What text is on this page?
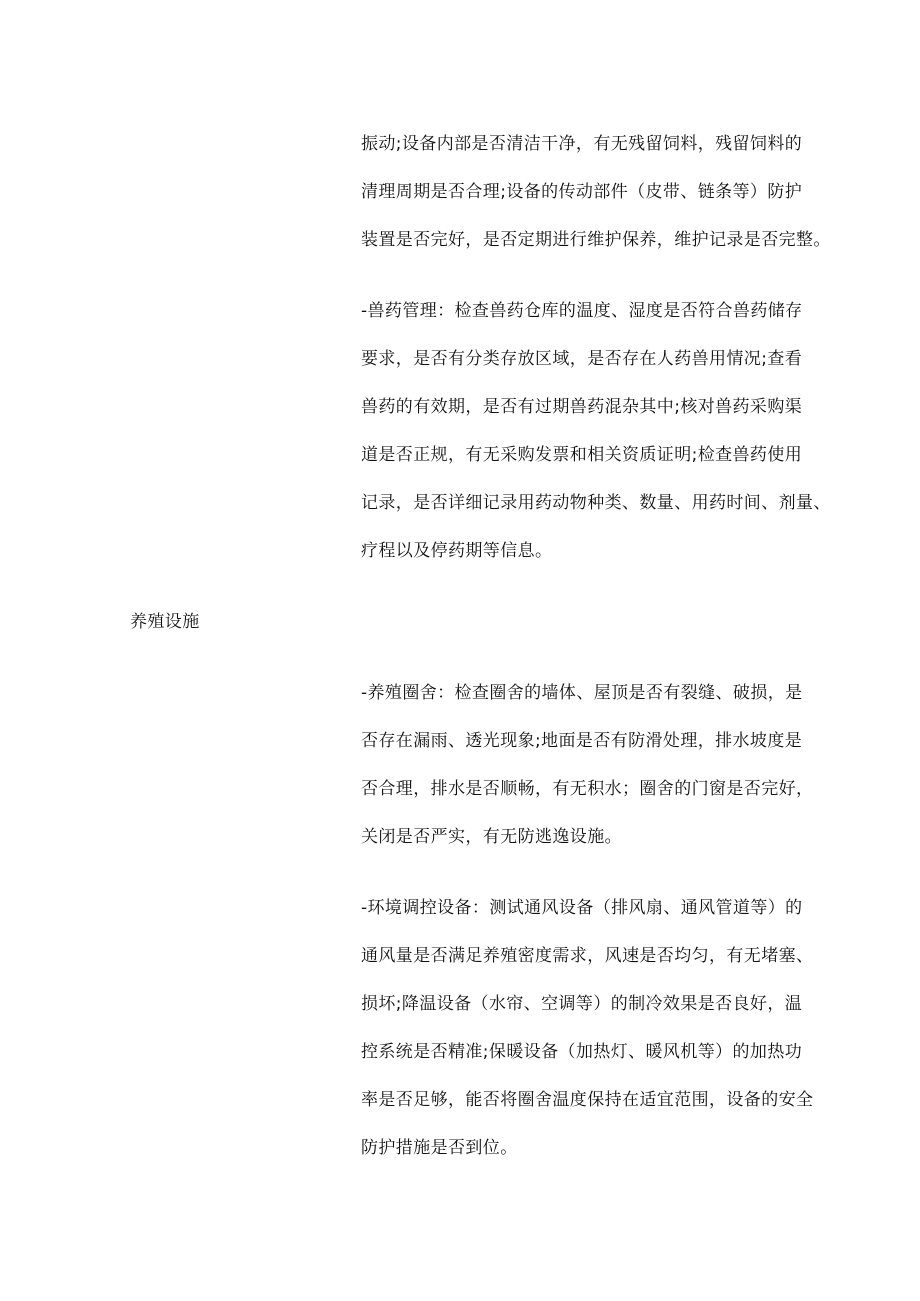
振动;设备内部是否清洁干净，有无残留饲料，残留饲料的
清理周期是否合理;设备的传动部件（皮带、链条等）防护
装置是否完好，是否定期进行维护保养，维护记录是否完整。
-兽药管理：检查兽药仓库的温度、湿度是否符合兽药储存
要求，是否有分类存放区域，是否存在人药兽用情况;查看
兽药的有效期，是否有过期兽药混杂其中;核对兽药采购渠
道是否正规，有无采购发票和相关资质证明;检查兽药使用
记录，是否详细记录用药动物种类、数量、用药时间、剂量、
疗程以及停药期等信息。
养殖设施
-养殖圈舍：检查圈舍的墙体、屋顶是否有裂缝、破损，是
否存在漏雨、透光现象;地面是否有防滑处理，排水坡度是
否合理，排水是否顺畅，有无积水；圈舍的门窗是否完好，
关闭是否严实，有无防逃逸设施。
-环境调控设备：测试通风设备（排风扇、通风管道等）的
通风量是否满足养殖密度需求，风速是否均匀，有无堵塞、
损坏;降温设备（水帘、空调等）的制冷效果是否良好，温
控系统是否精准;保暖设备（加热灯、暖风机等）的加热功
率是否足够，能否将圈舍温度保持在适宜范围，设备的安全
防护措施是否到位。
